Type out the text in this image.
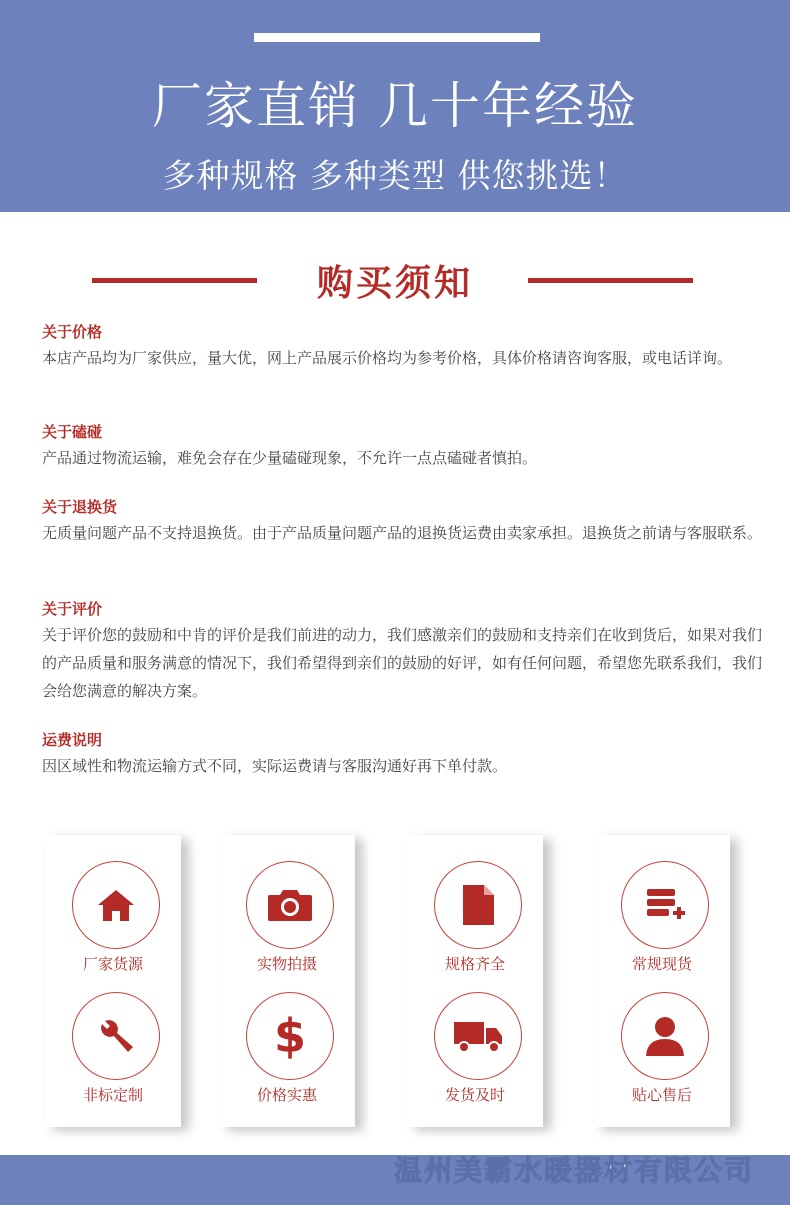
厂家直销 几十年经验
多种规格 多种类型 供您挑选！
购买须知
关于价格

本店产品均为厂家供应，量大优，网上产品展示价格均为参考价格，具体价格请咨询客服，或电话详询。

关于磕碰

产品通过物流运输，难免会存在少量磕碰现象，不允许一点点磕碰者慎拍。

关于退换货

无质量问题产品不支持退换货。由于产品质量问题产品的退换货运费由卖家承担。退换货之前请与客服联系。

关于评价

关于评价您的鼓励和中肯的评价是我们前进的动力，我们感激亲们的鼓励和支持亲们在收到货后，如果对我们的产品质量和服务满意的情况下，我们希望得到亲们的鼓励的好评，如有任何问题，希望您先联系我们，我们会给您满意的解决方案。

运费说明

因区域性和物流运输方式不同，实际运费请与客服沟通好再下单付款。

厂家货源
非标定制
实物拍摄
$
价格实惠
规格齐全
发货及时
常规现货
贴心售后
温州美霸水暖器材有限公司
